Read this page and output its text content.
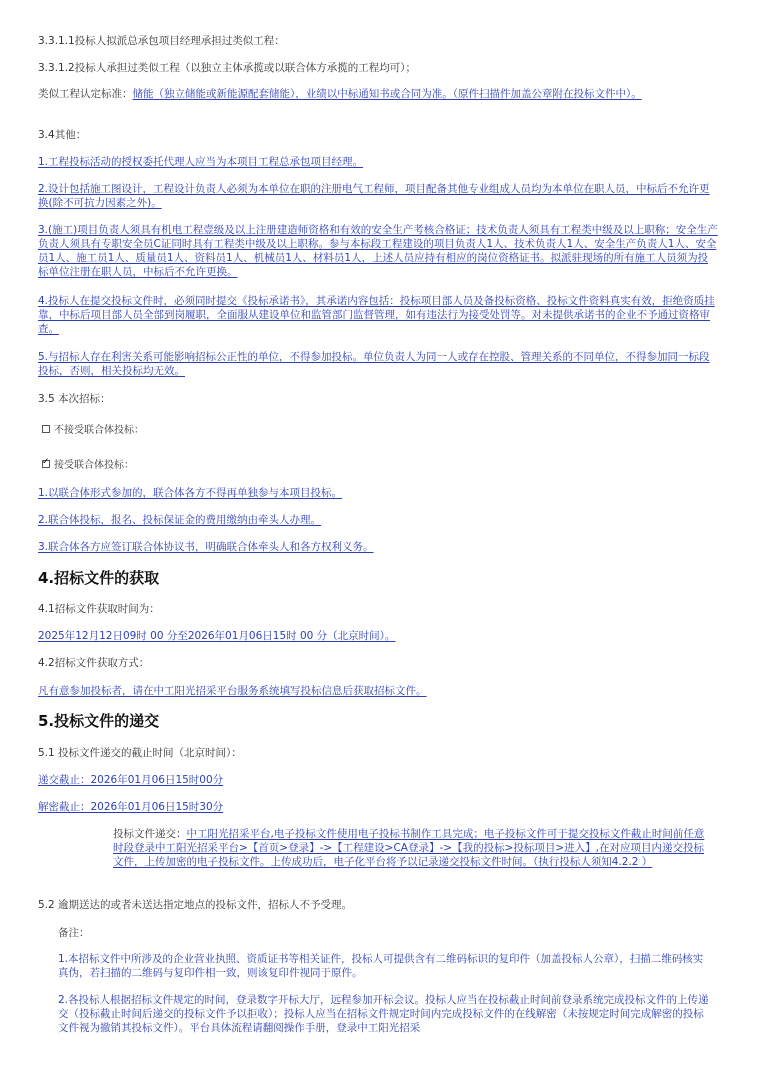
3.3.1.1投标人拟派总承包项目经理承担过类似工程：

3.3.1.2投标人承担过类似工程（以独立主体承揽或以联合体方承揽的工程均可）；

类似工程认定标准：储能（独立储能或新能源配套储能），业绩以中标通知书或合同为准。（原件扫描件加盖公章附在投标文件中）。

3.4其他：

1.工程投标活动的授权委托代理人应当为本项目工程总承包项目经理。

2.设计包括施工图设计，工程设计负责人必须为本单位在职的注册电气工程师，项目配备其他专业组成人员均为本单位在职人员，中标后不允许更换(除不可抗力因素之外)。

3.(施工)项目负责人须具有机电工程壹级及以上注册建造师资格和有效的安全生产考核合格证；技术负责人须具有工程类中级及以上职称；安全生产负责人须具有专职安全员C证同时具有工程类中级及以上职称。参与本标段工程建设的项目负责人1人、技术负责人1人、安全生产负责人1人、安全员1人、施工员1人、质量员1人、资料员1人、机械员1人、材料员1人，上述人员应持有相应的岗位资格证书。拟派驻现场的所有施工人员须为投标单位注册在职人员，中标后不允许更换。

4.投标人在提交投标文件时，必须同时提交《投标承诺书》，其承诺内容包括：投标项目部人员及备投标资格、投标文件资料真实有效，拒绝资质挂靠，中标后项目部人员全部到岗履职，全面服从建设单位和监管部门监督管理，如有违法行为接受处罚等。对未提供承诺书的企业不予通过资格审查。

5.与招标人存在利害关系可能影响招标公正性的单位，不得参加投标。单位负责人为同一人或存在控股、管理关系的不同单位，不得参加同一标段投标，否则，相关投标均无效。

3.5 本次招标：

不接受联合体投标：
✓
接受联合体投标：

1.以联合体形式参加的，联合体各方不得再单独参与本项目投标。

2.联合体投标，报名、投标保证金的费用缴纳由牵头人办理。

3.联合体各方应签订联合体协议书，明确联合体牵头人和各方权利义务。

4.招标文件的获取

4.1招标文件获取时间为：

2025年12月12日09时 00 分至2026年01月06日15时 00 分（北京时间）。

4.2招标文件获取方式：

凡有意参加投标者，请在中工阳光招采平台服务系统填写投标信息后获取招标文件。

5.投标文件的递交

5.1 投标文件递交的截止时间（北京时间）：

递交截止：2026年01月06日15时00分

解密截止：2026年01月06日15时30分

投标文件递交：中工阳光招采平台,电子投标文件使用电子投标书制作工具完成；电子投标文件可于提交投标文件截止时间前任意时段登录中工阳光招采平台>【首页>登录】->【工程建设>CA登录】->【我的投标>投标项目>进入】,在对应项目内递交投标文件，上传加密的电子投标文件。上传成功后，电子化平台将予以记录递交投标文件时间。（执行投标人须知4.2.2 ）

5.2 逾期送达的或者未送达指定地点的投标文件，招标人不予受理。

备注：

1.本招标文件中所涉及的企业营业执照、资质证书等相关证件，投标人可提供含有二维码标识的复印件（加盖投标人公章），扫描二维码核实真伪，若扫描的二维码与复印件相一致，则该复印件视同于原件。

2.各投标人根据招标文件规定的时间，登录数字开标大厅，远程参加开标会议。投标人应当在投标截止时间前登录系统完成投标文件的上传递交（投标截止时间后递交的投标文件予以拒收）；投标人应当在招标文件规定时间内完成投标文件的在线解密（未按规定时间完成解密的投标文件视为撤销其投标文件）。平台具体流程请翻阅操作手册，登录中工阳光招采
